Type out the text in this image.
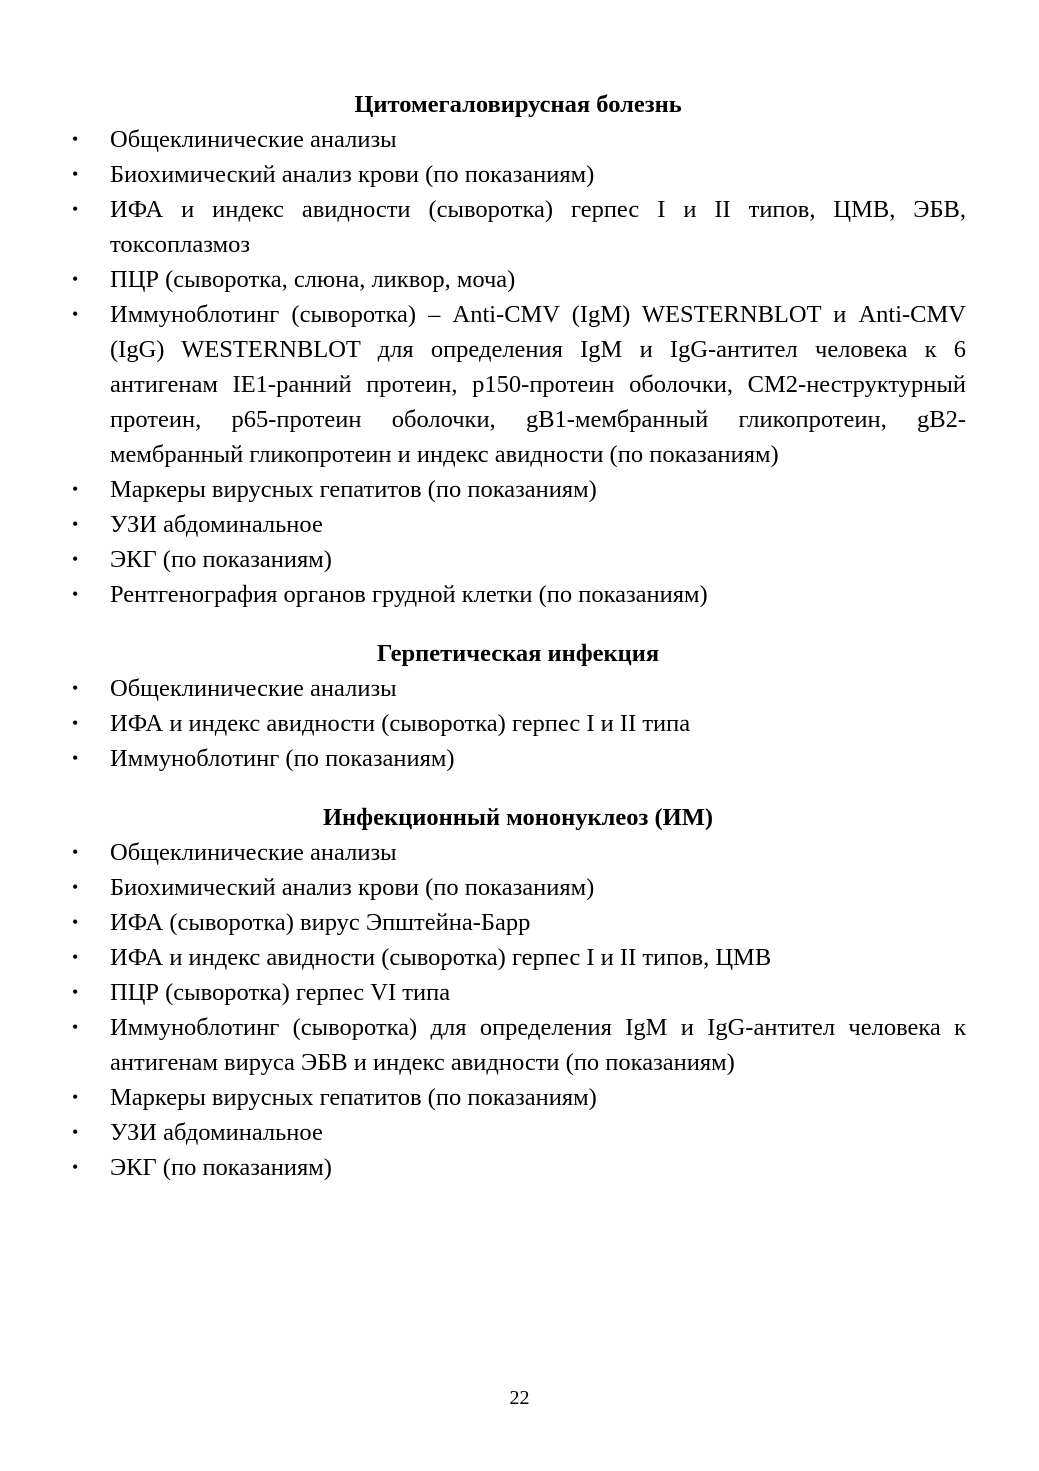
Цитомегаловирусная болезнь
•	Общеклинические анализы
•	Биохимический анализ крови (по показаниям)
•	ИФА и индекс авидности (сыворотка) герпес I и II типов, ЦМВ, ЭБВ, токсоплазмоз
•	ПЦР (сыворотка, слюна, ликвор, моча)
•	Иммуноблотинг (сыворотка) – Anti-CMV (IgM) WESTERNBLOT и Anti-CMV (IgG) WESTERNBLOT для определения IgM и IgG-антител человека к 6 антигенам IE1-ранний протеин, p150-протеин оболочки, CM2-неструктурный протеин, p65-протеин оболочки, gB1-мембранный гликопротеин, gB2-мембранный гликопротеин и индекс авидности (по показаниям)
•	Маркеры вирусных гепатитов (по показаниям)
•	УЗИ абдоминальное
•	ЭКГ (по показаниям)
•	Рентгенография органов грудной клетки (по показаниям)
Герпетическая инфекция
•	Общеклинические анализы
•	ИФА и индекс авидности (сыворотка) герпес I и II типа
•	Иммуноблотинг (по показаниям)
Инфекционный мононуклеоз (ИМ)
•	Общеклинические анализы
•	Биохимический анализ крови (по показаниям)
•	ИФА (сыворотка) вирус Эпштейна-Барр
•	ИФА и индекс авидности (сыворотка) герпес I и II типов, ЦМВ
•	ПЦР (сыворотка) герпес VI типа
•	Иммуноблотинг (сыворотка) для определения IgM и IgG-антител человека к антигенам вируса ЭБВ и индекс авидности (по показаниям)
•	Маркеры вирусных гепатитов (по показаниям)
•	УЗИ абдоминальное
•	ЭКГ (по показаниям)
22
